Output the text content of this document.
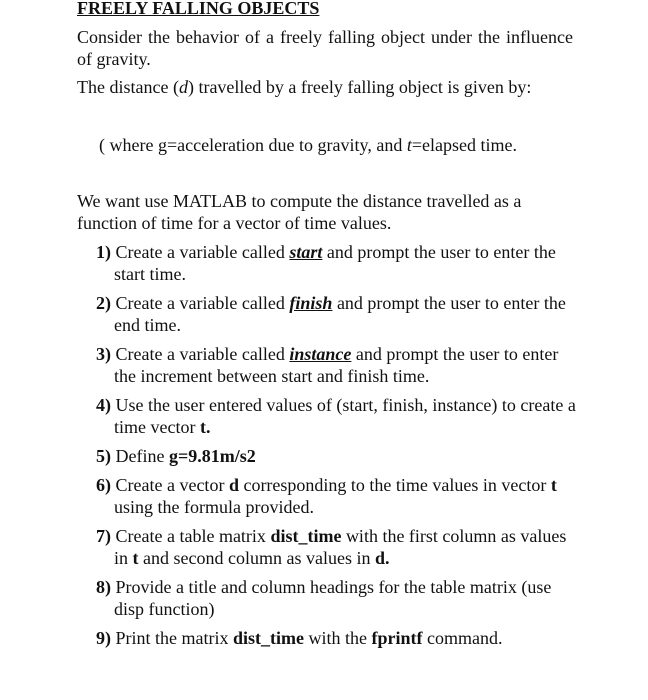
FREELY FALLING OBJECTS

Consider the behavior of a freely falling object under the influence of gravity.

The distance (d) travelled by a freely falling object is given by:

( where g=acceleration due to gravity, and t=elapsed time.

We want use MATLAB to compute the distance travelled as a function of time for a vector of time values.

1) Create a variable called start and prompt the user to enter the start time.
2) Create a variable called finish and prompt the user to enter the end time.
3) Create a variable called instance and prompt the user to enter the increment between start and finish time.
4) Use the user entered values of (start, finish, instance) to create a time vector t.
5) Define g=9.81m/s2
6) Create a vector d corresponding to the time values in vector t using the formula provided.
7) Create a table matrix dist_time with the first column as values in t and second column as values in d.
8) Provide a title and column headings for the table matrix (use disp function)
9) Print the matrix dist_time with the fprintf command.
